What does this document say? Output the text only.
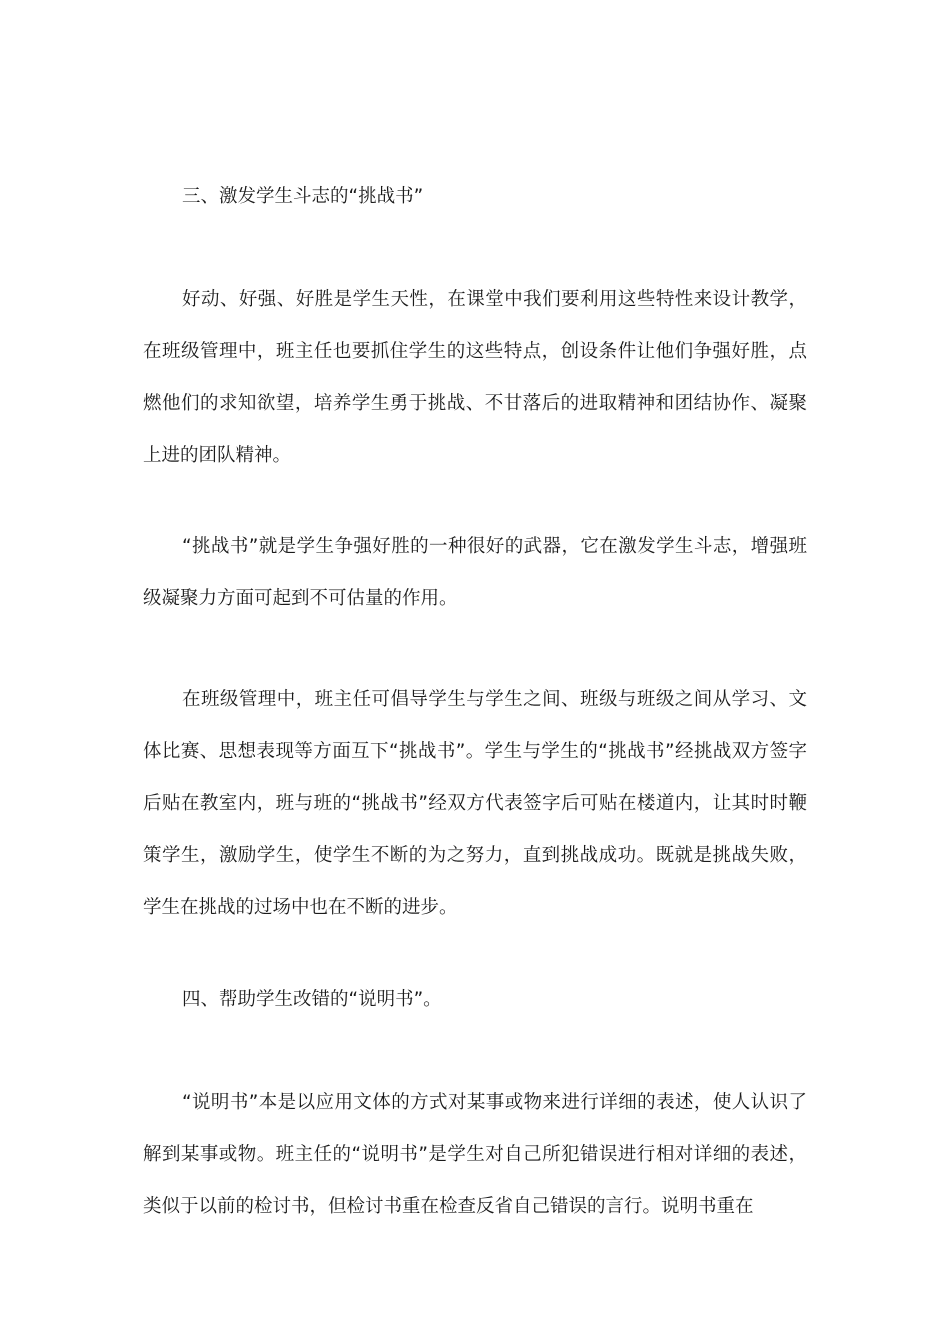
三、激发学生斗志的“挑战书”

好动、好强、好胜是学生天性，在课堂中我们要利用这些特性来设计教学，在班级管理中，班主任也要抓住学生的这些特点，创设条件让他们争强好胜，点燃他们的求知欲望，培养学生勇于挑战、不甘落后的进取精神和团结协作、凝聚上进的团队精神。

“挑战书”就是学生争强好胜的一种很好的武器，它在激发学生斗志，增强班级凝聚力方面可起到不可估量的作用。

在班级管理中，班主任可倡导学生与学生之间、班级与班级之间从学习、文体比赛、思想表现等方面互下“挑战书”。学生与学生的“挑战书”经挑战双方签字后贴在教室内，班与班的“挑战书”经双方代表签字后可贴在楼道内，让其时时鞭策学生，激励学生，使学生不断的为之努力，直到挑战成功。既就是挑战失败，学生在挑战的过场中也在不断的进步。

四、帮助学生改错的“说明书”。

“说明书”本是以应用文体的方式对某事或物来进行详细的表述，使人认识了解到某事或物。班主任的“说明书”是学生对自己所犯错误进行相对详细的表述，类似于以前的检讨书，但检讨书重在检查反省自己错误的言行。说明书重在
